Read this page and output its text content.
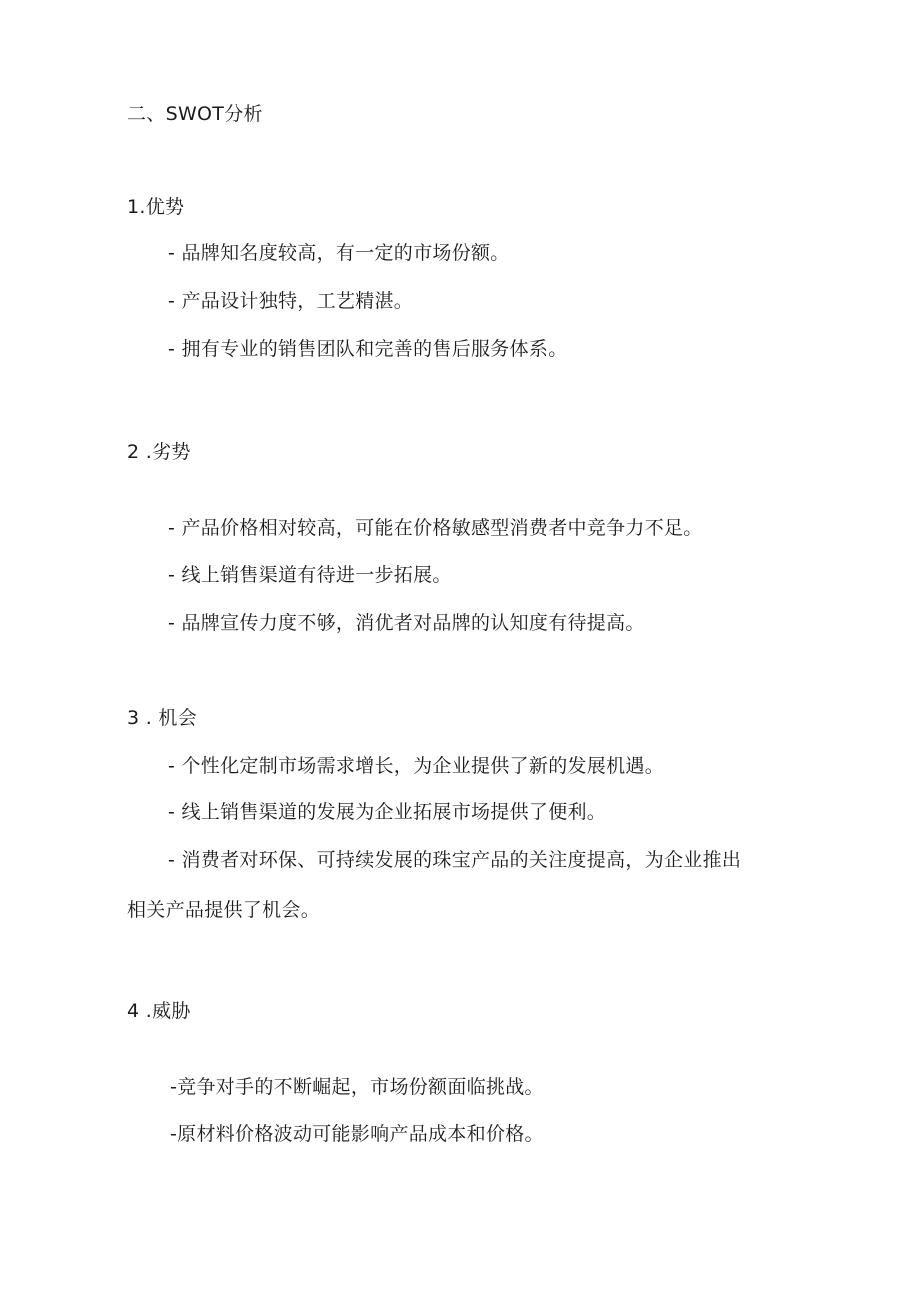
二、SWOT分析
1.优势
- 品牌知名度较高，有一定的市场份额。
- 产品设计独特，工艺精湛。
- 拥有专业的销售团队和完善的售后服务体系。
2 .劣势
- 产品价格相对较高，可能在价格敏感型消费者中竞争力不足。
- 线上销售渠道有待进一步拓展。
- 品牌宣传力度不够，消优者对品牌的认知度有待提高。
3 . 机会
- 个性化定制市场需求增长，为企业提供了新的发展机遇。
- 线上销售渠道的发展为企业拓展市场提供了便利。
- 消费者对环保、可持续发展的珠宝产品的关注度提高，为企业推出
相关产品提供了机会。
4 .威胁
-竞争对手的不断崛起，市场份额面临挑战。
-原材料价格波动可能影响产品成本和价格。
